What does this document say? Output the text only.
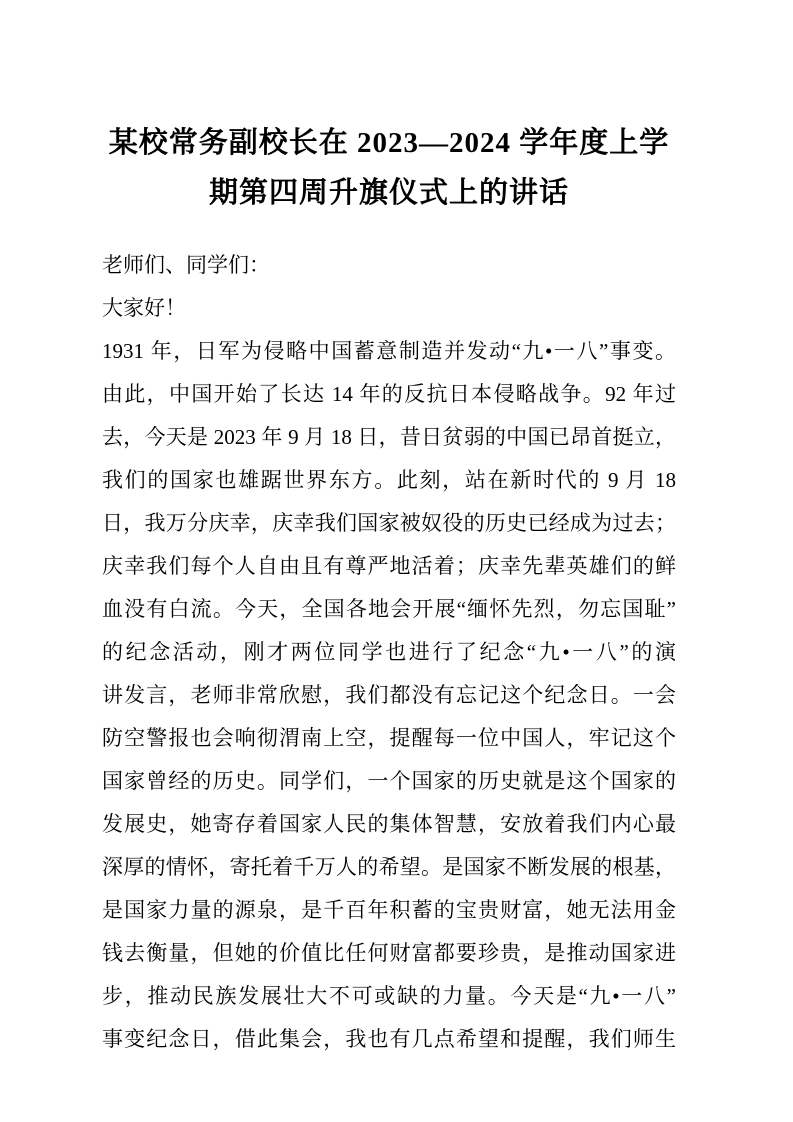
某校常务副校长在 2023—2024 学年度上学
期第四周升旗仪式上的讲话
老师们、同学们：
大家好！
1931 年，日军为侵略中国蓄意制造并发动“九•一八”事变。
由此，中国开始了长达 14 年的反抗日本侵略战争。92 年过
去，今天是 2023 年 9 月 18 日，昔日贫弱的中国已昂首挺立，
我们的国家也雄踞世界东方。此刻，站在新时代的 9 月 18
日，我万分庆幸，庆幸我们国家被奴役的历史已经成为过去；
庆幸我们每个人自由且有尊严地活着；庆幸先辈英雄们的鲜
血没有白流。今天，全国各地会开展“缅怀先烈，勿忘国耻”
的纪念活动，刚才两位同学也进行了纪念“九•一八”的演
讲发言，老师非常欣慰，我们都没有忘记这个纪念日。一会
防空警报也会响彻渭南上空，提醒每一位中国人，牢记这个
国家曾经的历史。同学们，一个国家的历史就是这个国家的
发展史，她寄存着国家人民的集体智慧，安放着我们内心最
深厚的情怀，寄托着千万人的希望。是国家不断发展的根基，
是国家力量的源泉，是千百年积蓄的宝贵财富，她无法用金
钱去衡量，但她的价值比任何财富都要珍贵，是推动国家进
步，推动民族发展壮大不可或缺的力量。今天是“九•一八”
事变纪念日，借此集会，我也有几点希望和提醒，我们师生
